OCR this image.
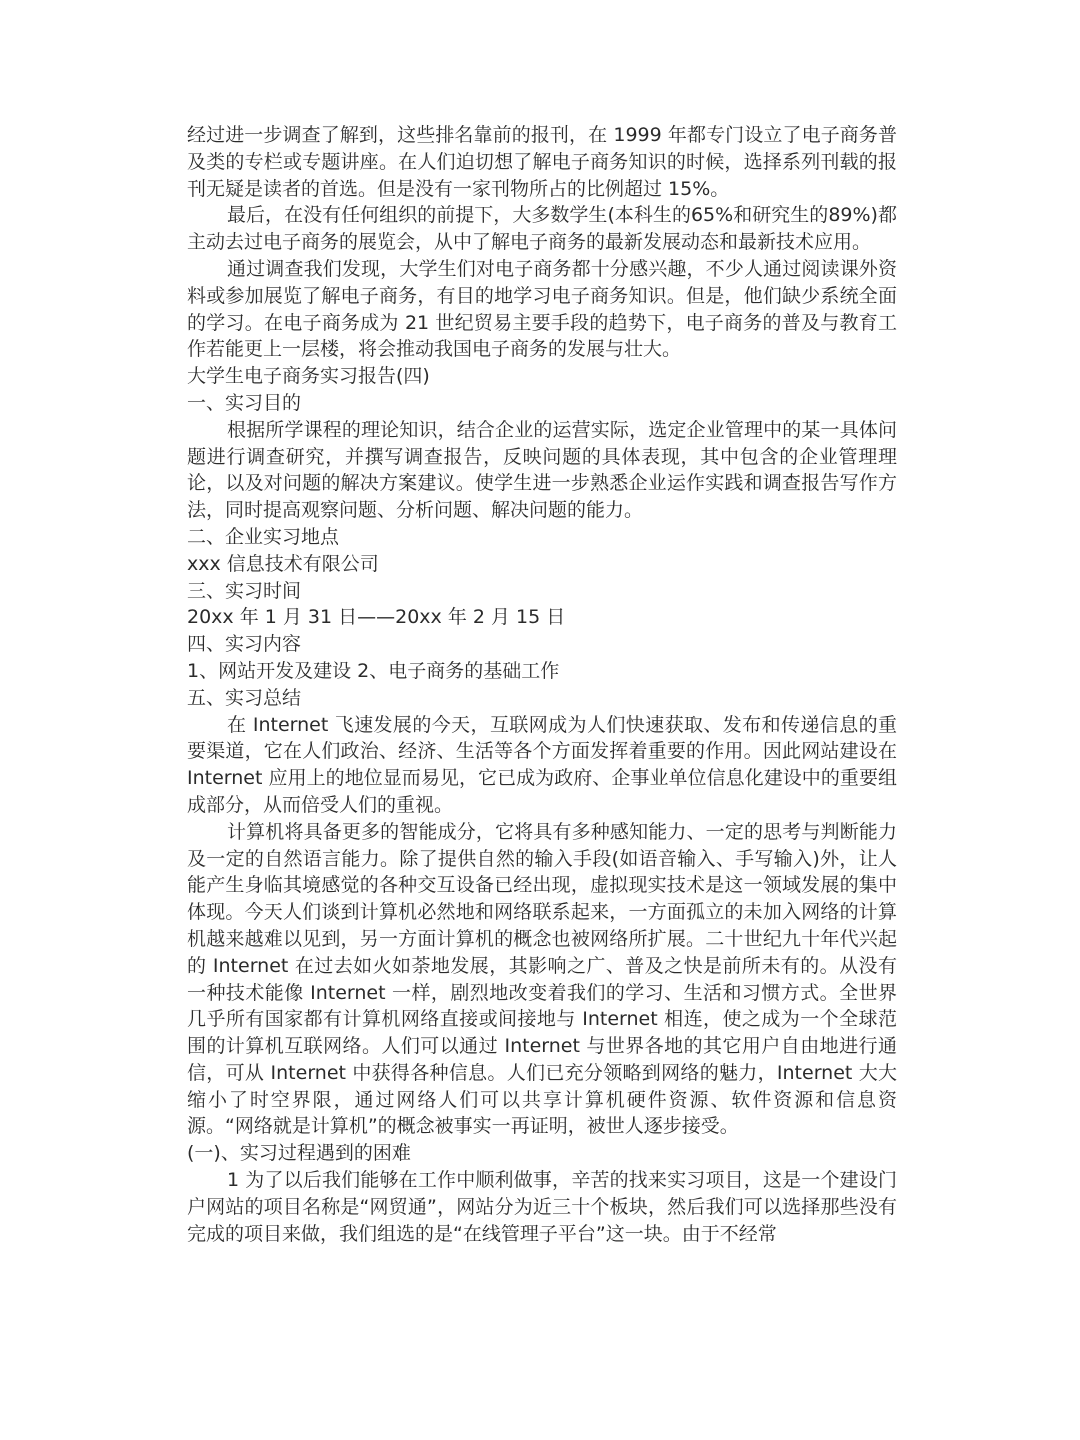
经过进一步调查了解到，这些排名靠前的报刊，在 1999 年都专门设立了电子商务普及类的专栏或专题讲座。在人们迫切想了解电子商务知识的时候，选择系列刊载的报刊无疑是读者的首选。但是没有一家刊物所占的比例超过 15%。

最后，在没有任何组织的前提下，大多数学生(本科生的65%和研究生的89%)都主动去过电子商务的展览会，从中了解电子商务的最新发展动态和最新技术应用。

通过调查我们发现，大学生们对电子商务都十分感兴趣，不少人通过阅读课外资料或参加展览了解电子商务，有目的地学习电子商务知识。但是，他们缺少系统全面的学习。在电子商务成为 21 世纪贸易主要手段的趋势下，电子商务的普及与教育工作若能更上一层楼，将会推动我国电子商务的发展与壮大。

大学生电子商务实习报告(四)

一、实习目的

根据所学课程的理论知识，结合企业的运营实际，选定企业管理中的某一具体问题进行调查研究，并撰写调查报告，反映问题的具体表现，其中包含的企业管理理论，以及对问题的解决方案建议。使学生进一步熟悉企业运作实践和调查报告写作方法，同时提高观察问题、分析问题、解决问题的能力。

二、企业实习地点

xxx 信息技术有限公司

三、实习时间

20xx 年 1 月 31 日——20xx 年 2 月 15 日

四、实习内容

1、网站开发及建设 2、电子商务的基础工作

五、实习总结

在 Internet 飞速发展的今天，互联网成为人们快速获取、发布和传递信息的重要渠道，它在人们政治、经济、生活等各个方面发挥着重要的作用。因此网站建设在 Internet 应用上的地位显而易见，它已成为政府、企事业单位信息化建设中的重要组成部分，从而倍受人们的重视。

计算机将具备更多的智能成分，它将具有多种感知能力、一定的思考与判断能力及一定的自然语言能力。除了提供自然的输入手段(如语音输入、手写输入)外，让人能产生身临其境感觉的各种交互设备已经出现，虚拟现实技术是这一领域发展的集中体现。今天人们谈到计算机必然地和网络联系起来，一方面孤立的未加入网络的计算机越来越难以见到，另一方面计算机的概念也被网络所扩展。二十世纪九十年代兴起的 Internet 在过去如火如荼地发展，其影响之广、普及之快是前所未有的。从没有一种技术能像 Internet 一样，剧烈地改变着我们的学习、生活和习惯方式。全世界几乎所有国家都有计算机网络直接或间接地与 Internet 相连，使之成为一个全球范围的计算机互联网络。人们可以通过 Internet 与世界各地的其它用户自由地进行通信，可从 Internet 中获得各种信息。人们已充分领略到网络的魅力，Internet 大大缩小了时空界限，通过网络人们可以共享计算机硬件资源、软件资源和信息资源。“网络就是计算机”的概念被事实一再证明，被世人逐步接受。

(一)、实习过程遇到的困难

1 为了以后我们能够在工作中顺利做事，辛苦的找来实习项目，这是一个建设门户网站的项目名称是“网贸通”，网站分为近三十个板块，然后我们可以选择那些没有完成的项目来做，我们组选的是“在线管理子平台”这一块。由于不经常
